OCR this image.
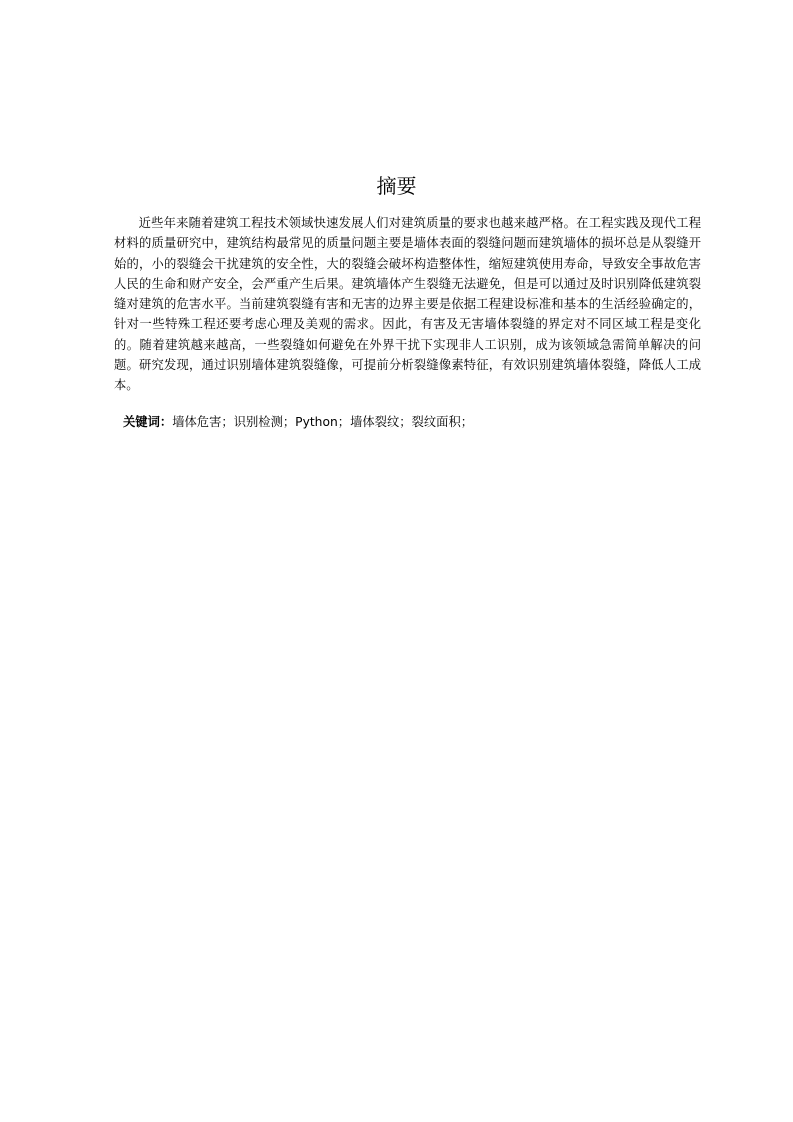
摘要

近些年来随着建筑工程技术领域快速发展人们对建筑质量的要求也越来越严格。在工程实践及现代工程材料的质量研究中，建筑结构最常见的质量问题主要是墙体表面的裂缝问题而建筑墙体的损坏总是从裂缝开始的，小的裂缝会干扰建筑的安全性，大的裂缝会破坏构造整体性，缩短建筑使用寿命，导致安全事故危害人民的生命和财产安全，会严重产生后果。建筑墙体产生裂缝无法避免，但是可以通过及时识别降低建筑裂缝对建筑的危害水平。当前建筑裂缝有害和无害的边界主要是依据工程建设标准和基本的生活经验确定的，针对一些特殊工程还要考虑心理及美观的需求。因此，有害及无害墙体裂缝的界定对不同区域工程是变化的。随着建筑越来越高，一些裂缝如何避免在外界干扰下实现非人工识别，成为该领域急需简单解决的问题。研究发现，通过识别墙体建筑裂缝像，可提前分析裂缝像素特征，有效识别建筑墙体裂缝，降低人工成本。

关键词：墙体危害；识别检测；Python；墙体裂纹；裂纹面积；
